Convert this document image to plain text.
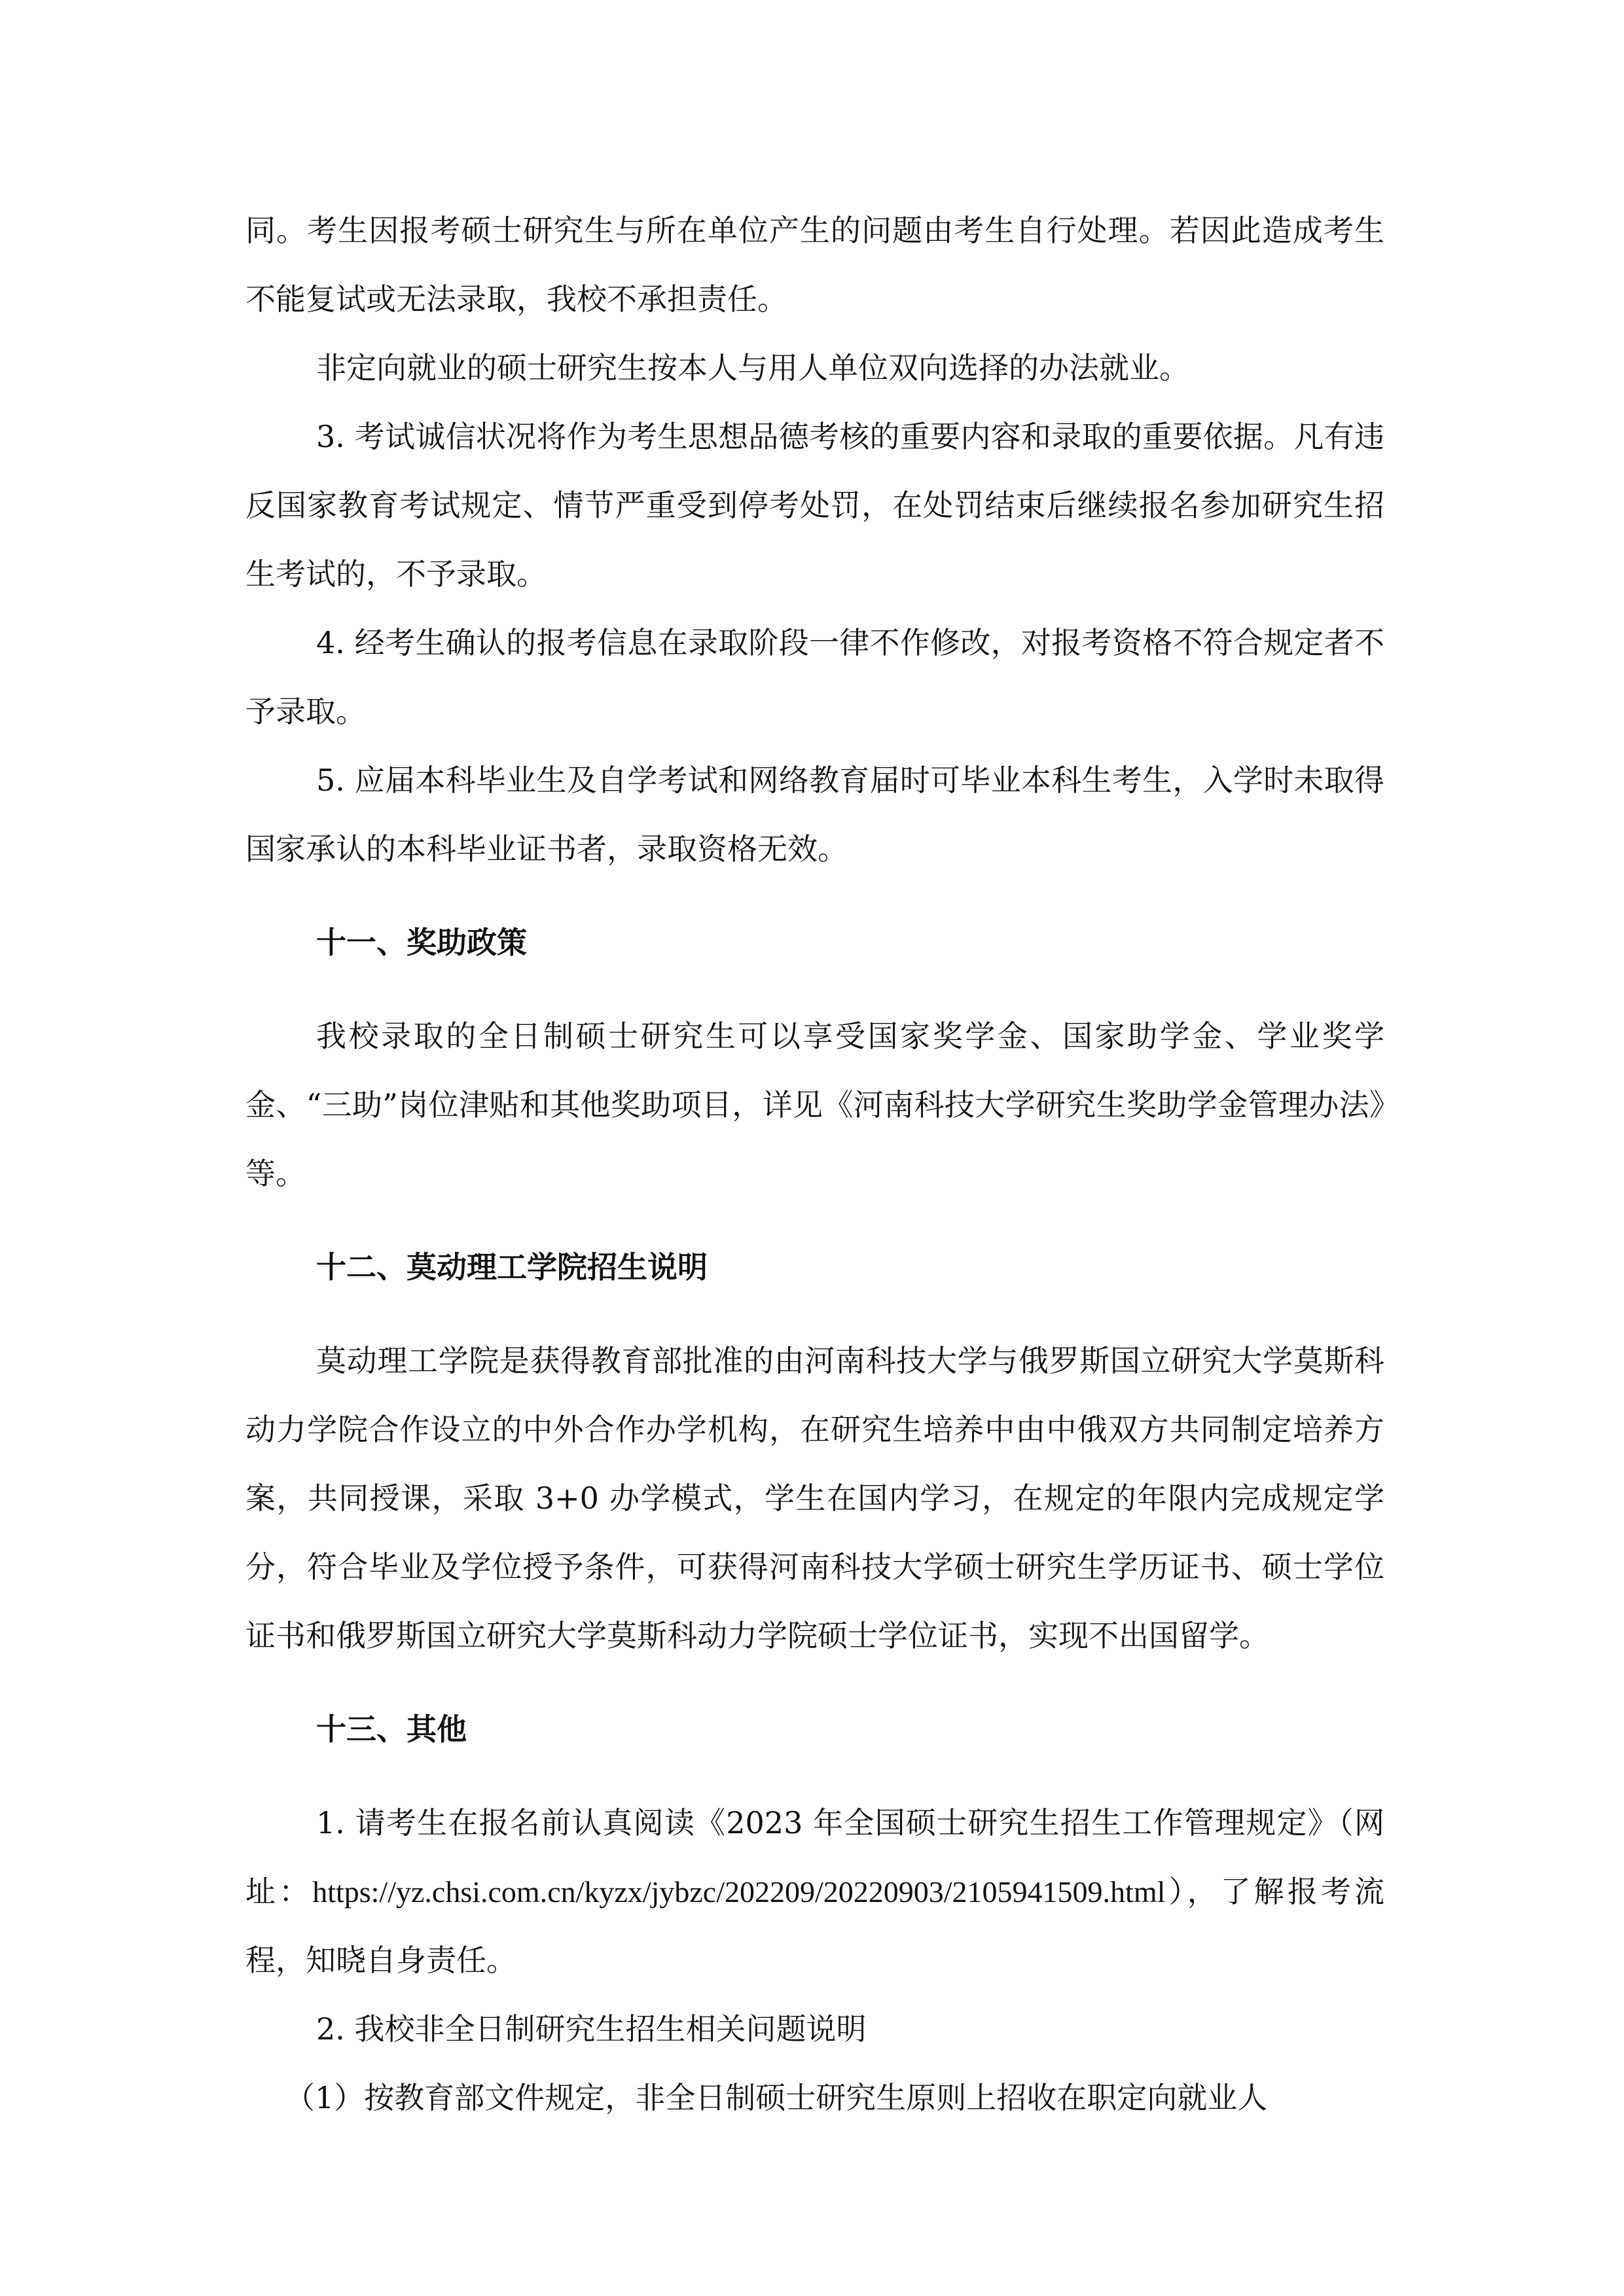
同。考生因报考硕士研究生与所在单位产生的问题由考生自行处理。若因此造成考生不能复试或无法录取，我校不承担责任。

非定向就业的硕士研究生按本人与用人单位双向选择的办法就业。

3. 考试诚信状况将作为考生思想品德考核的重要内容和录取的重要依据。凡有违反国家教育考试规定、情节严重受到停考处罚，在处罚结束后继续报名参加研究生招生考试的，不予录取。

4. 经考生确认的报考信息在录取阶段一律不作修改，对报考资格不符合规定者不予录取。

5. 应届本科毕业生及自学考试和网络教育届时可毕业本科生考生，入学时未取得国家承认的本科毕业证书者，录取资格无效。

十一、奖助政策

我校录取的全日制硕士研究生可以享受国家奖学金、国家助学金、学业奖学金、“三助”岗位津贴和其他奖助项目，详见《河南科技大学研究生奖助学金管理办法》等。

十二、莫动理工学院招生说明

莫动理工学院是获得教育部批准的由河南科技大学与俄罗斯国立研究大学莫斯科动力学院合作设立的中外合作办学机构，在研究生培养中由中俄双方共同制定培养方案，共同授课，采取 3+0 办学模式，学生在国内学习，在规定的年限内完成规定学分，符合毕业及学位授予条件，可获得河南科技大学硕士研究生学历证书、硕士学位证书和俄罗斯国立研究大学莫斯科动力学院硕士学位证书，实现不出国留学。

十三、其他

1. 请考生在报名前认真阅读《2023 年全国硕士研究生招生工作管理规定》（网址：https://yz.chsi.com.cn/kyzx/jybzc/202209/20220903/2105941509.html），了解报考流程，知晓自身责任。

2. 我校非全日制研究生招生相关问题说明

（1）按教育部文件规定，非全日制硕士研究生原则上招收在职定向就业人
